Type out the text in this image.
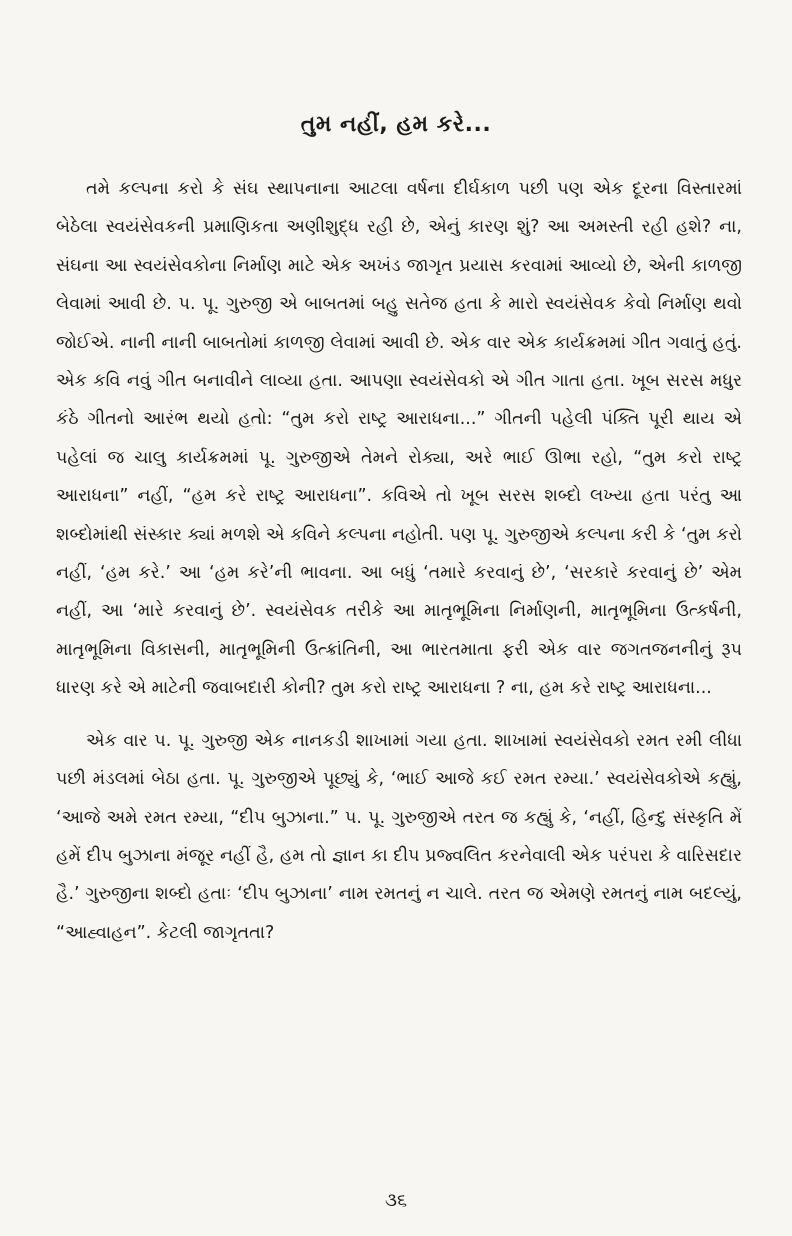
તુમ નહીં, હમ કરે...

તમે કલ્પના કરો કે સંઘ સ્થાપનાના આટલા વર્ષના દીર્ઘકાળ પછી પણ એક દૂરના વિસ્તારમાં બેઠેલા સ્વયંસેવકની પ્રમાણિકતા અણીશુદ્ધ રહી છે, એનું કારણ શું? આ અમસ્તી રહી હશે? ના, સંઘના આ સ્વયંસેવકોના નિર્માણ માટે એક અખંડ જાગૃત પ્રયાસ કરવામાં આવ્યો છે, એની કાળજી લેવામાં આવી છે. પ. પૂ. ગુરુજી એ બાબતમાં બહુ સતેજ હતા કે મારો સ્વયંસેવક કેવો નિર્માણ થવો જોઈએ. નાની નાની બાબતોમાં કાળજી લેવામાં આવી છે. એક વાર એક કાર્યક્રમમાં ગીત ગવાતું હતું. એક કવિ નવું ગીત બનાવીને લાવ્યા હતા. આપણા સ્વયંસેવકો એ ગીત ગાતા હતા. ખૂબ સરસ મધુર કંઠે ગીતનો આરંભ થયો હતો: “તુમ કરો રાષ્ટ્ર આરાધના...” ગીતની પહેલી પંક્તિ પૂરી થાય એ પહેલાં જ ચાલુ કાર્યક્રમમાં પૂ. ગુરુજીએ તેમને રોક્યા, અરે ભાઈ ઊભા રહો, “તુમ કરો રાષ્ટ્ર આરાધના” નહીં, “હમ કરે રાષ્ટ્ર આરાધના”. કવિએ તો ખૂબ સરસ શબ્દો લખ્યા હતા પરંતુ આ શબ્દોમાંથી સંસ્કાર ક્યાં મળશે એ કવિને કલ્પના નહોતી. પણ પૂ. ગુરુજીએ કલ્પના કરી કે ‘તુમ કરો નહીં, ‘હમ કરે.’ આ ‘હમ કરે’ની ભાવના. આ બધું ‘તમારે કરવાનું છે’, ‘સરકારે કરવાનું છે’ એમ નહીં, આ ‘મારે કરવાનું છે’. સ્વયંસેવક તરીકે આ માતૃભૂમિના નિર્માણની, માતૃભૂમિના ઉત્કર્ષની, માતૃભૂમિના વિકાસની, માતૃભૂમિની ઉત્ક્રાંતિની, આ ભારતમાતા ફરી એક વાર જગતજનનીનું રૂપ ધારણ કરે એ માટેની જવાબદારી કોની? તુમ કરો રાષ્ટ્ર આરાધના ? ના, હમ કરે રાષ્ટ્ર આરાધના...

એક વાર પ. પૂ. ગુરુજી એક નાનકડી શાખામાં ગયા હતા. શાખામાં સ્વયંસેવકો રમત રમી લીધા પછી મંડલમાં બેઠા હતા. પૂ. ગુરુજીએ પૂછ્યું કે, ‘ભાઈ આજે કઈ રમત રમ્યા.’ સ્વયંસેવકોએ કહ્યું, ‘આજે અમે રમત રમ્યા, “દીપ બુઝાના.” પ. પૂ. ગુરુજીએ તરત જ કહ્યું કે, ‘નહીં, હિન્દુ સંસ્કૃતિ મેં હમેં દીપ બુઝાના મંજૂર નહીં હૈ, હમ તો જ્ઞાન કા દીપ પ્રજ્વલિત કરનેવાલી એક પરંપરા કે વારિસદાર હૈ.’ ગુરુજીના શબ્દો હતાઃ ‘દીપ બુઝાના’ નામ રમતનું ન ચાલે. તરત જ એમણે રમતનું નામ બદલ્યું, “આહ્વાહન”. કેટલી જાગૃતતા?

૩૬
